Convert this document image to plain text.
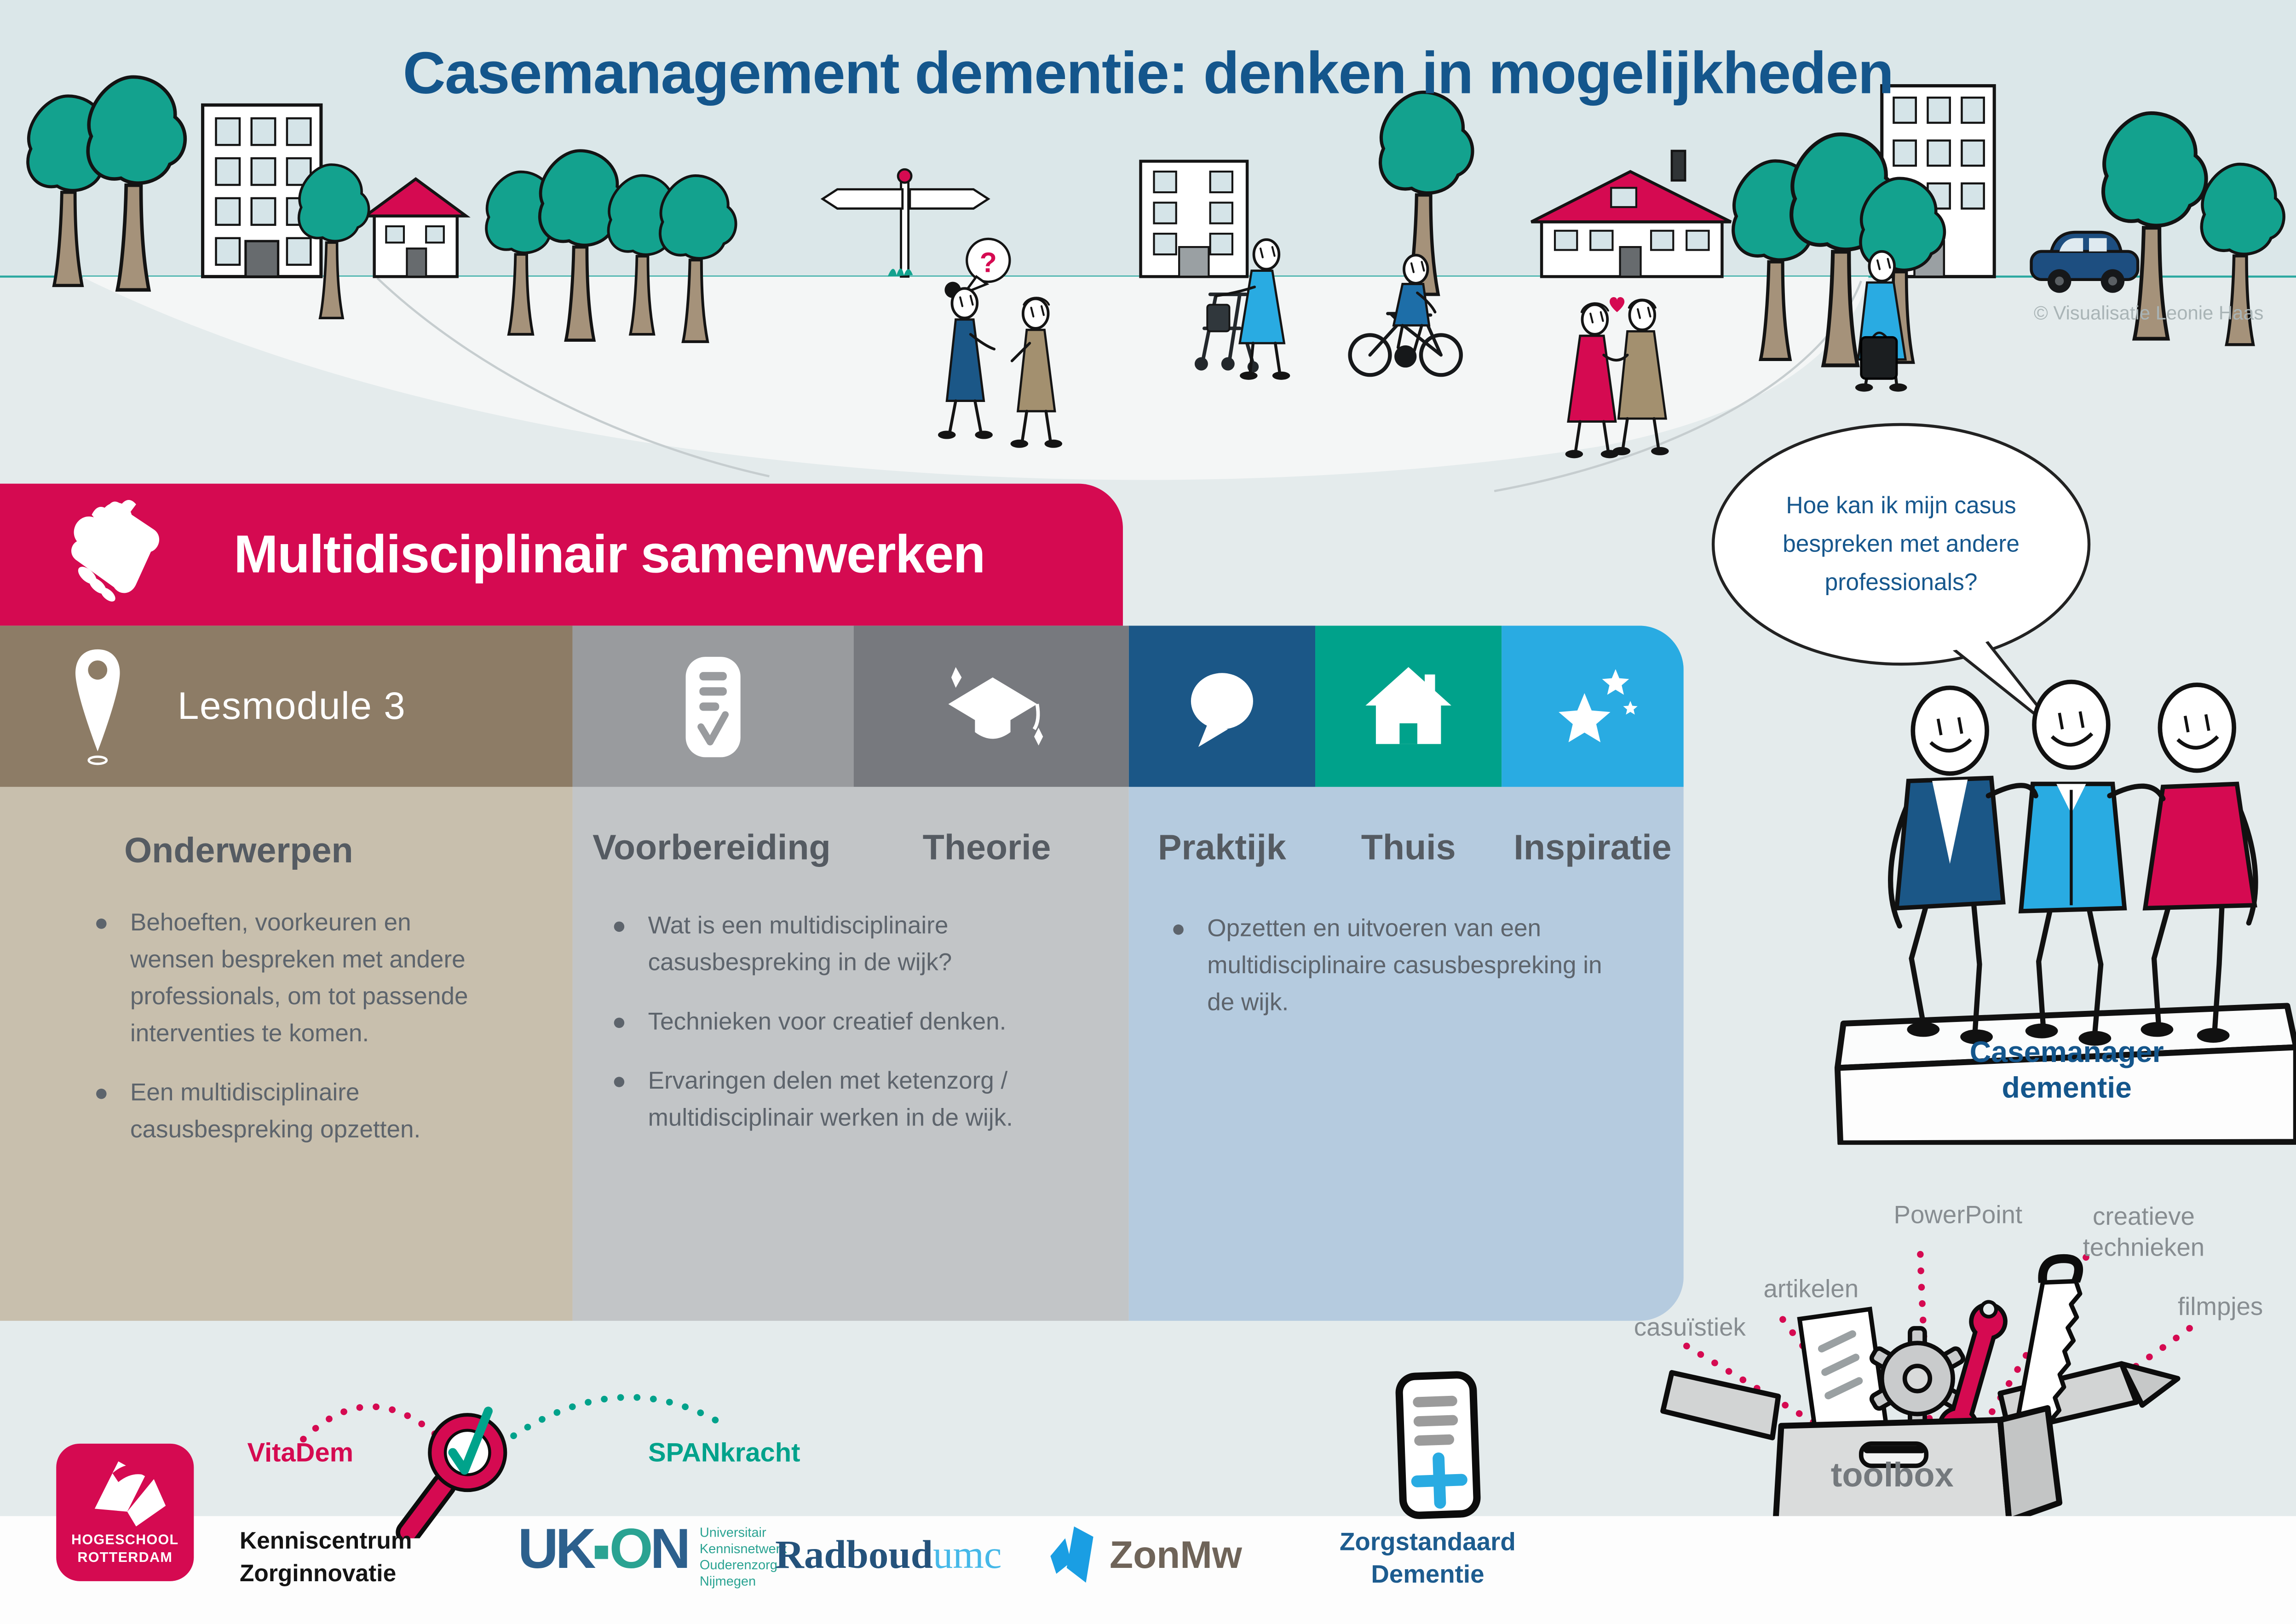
?
Casemanagement dementie: denken in mogelijkheden
© Visualisatie Leonie Haas
Multidisciplinair samenwerken
Lesmodule 3
Onderwerpen	Voorbereiding	Theorie	Praktijk	Thuis	Inspiratie
Behoeften, voorkeuren en wensen bespreken met andere professionals, om tot passende interventies te komen.
Een multidisciplinaire casusbespreking opzetten.
Wat is een multidisciplinaire casusbespreking in de wijk?
Technieken voor creatief denken.
Ervaringen delen met ketenzorg / multidisciplinair werken in de wijk.
Opzetten en uitvoeren van een multidisciplinaire casusbespreking in de wijk.
Hoe kan ik mijn casus
bespreken met andere
professionals?
Casemanager
dementie
casuïstiek
artikelen
PowerPoint	creatieve
technieken
filmpjes
toolbox
HOGESCHOOL
ROTTERDAM
VitaDem	SPANkracht
Kenniscentrum
Zorginnovatie	UK ON	Universitair
Kennisnetwerk
Ouderenzorg
Nijmegen
Radboudumc	ZonMw	Zorgstandaard
Dementie
